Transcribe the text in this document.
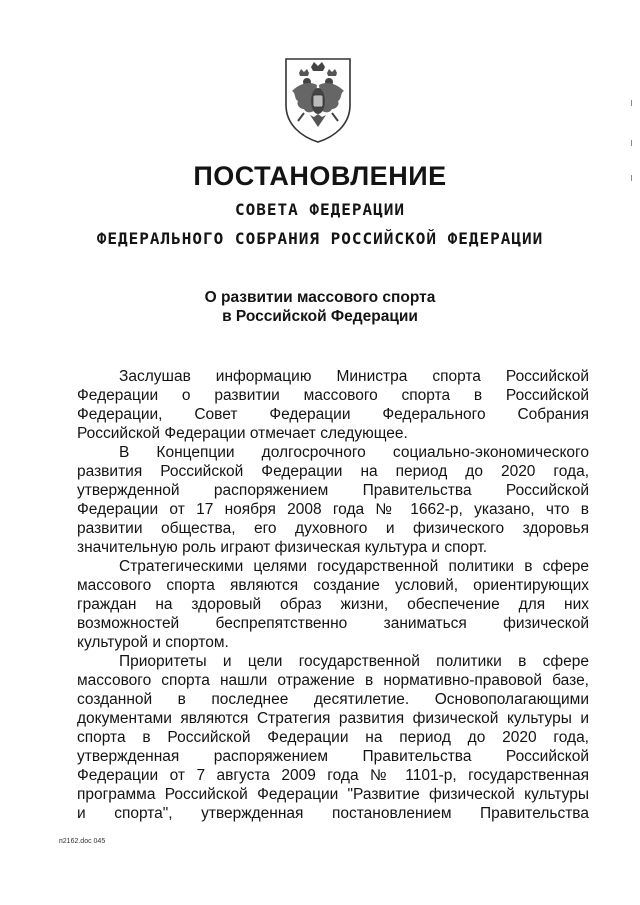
ПОСТАНОВЛЕНИЕ
СОВЕТА ФЕДЕРАЦИИ
ФЕДЕРАЛЬНОГО СОБРАНИЯ РОССИЙСКОЙ ФЕДЕРАЦИИ
О развитии массового спорта
в Российской Федерации
Заслушав информацию Министра спорта Российской
Федерации о развитии массового спорта в Российской
Федерации, Совет Федерации Федерального Собрания
Российской Федерации отмечает следующее.
В Концепции долгосрочного социально-экономического
развития Российской Федерации на период до 2020 года,
утвержденной распоряжением Правительства Российской
Федерации от 17 ноября 2008 года № 1662-р, указано, что в
развитии общества, его духовного и физического здоровья
значительную роль играют физическая культура и спорт.
Стратегическими целями государственной политики в сфере
массового спорта являются создание условий, ориентирующих
граждан на здоровый образ жизни, обеспечение для них
возможностей беспрепятственно заниматься физической
культурой и спортом.
Приоритеты и цели государственной политики в сфере
массового спорта нашли отражение в нормативно-правовой базе,
созданной в последнее десятилетие. Основополагающими
документами являются Стратегия развития физической культуры и
спорта в Российской Федерации на период до 2020 года,
утвержденная распоряжением Правительства Российской
Федерации от 7 августа 2009 года № 1101-р, государственная
программа Российской Федерации "Развитие физической культуры
и спорта", утвержденная постановлением Правительства
п2162.doc 045
